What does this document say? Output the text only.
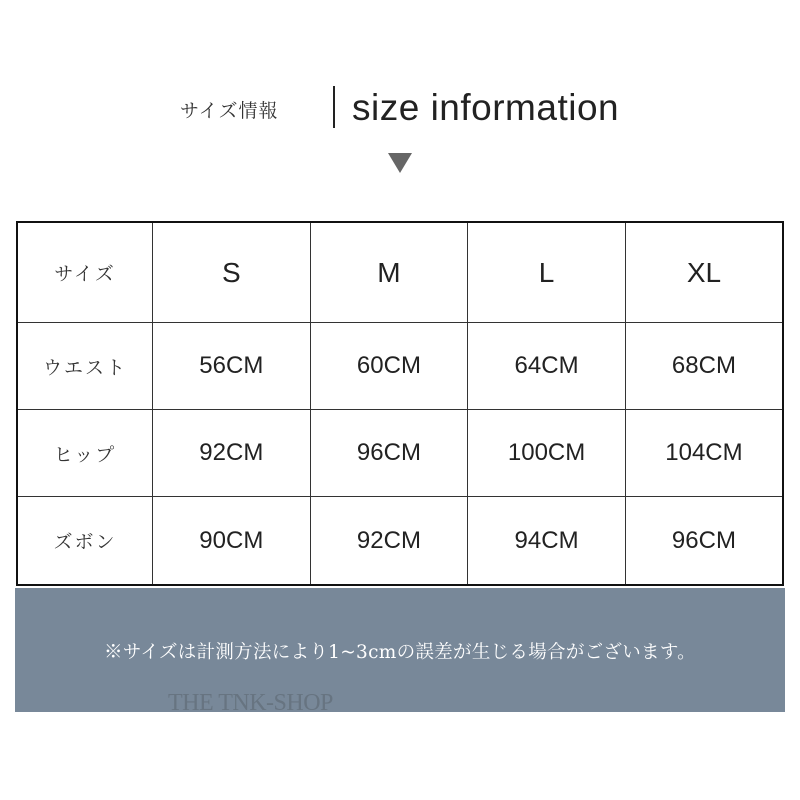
サイズ情報 size information
サイズ	S	M	L	XL
ウエスト	56CM	60CM	64CM	68CM
ヒップ	92CM	96CM	100CM	104CM
ズボン	90CM	92CM	94CM	96CM
※サイズは計測方法により1~3cmの誤差が生じる場合がございます。
THE TNK-SHOP
